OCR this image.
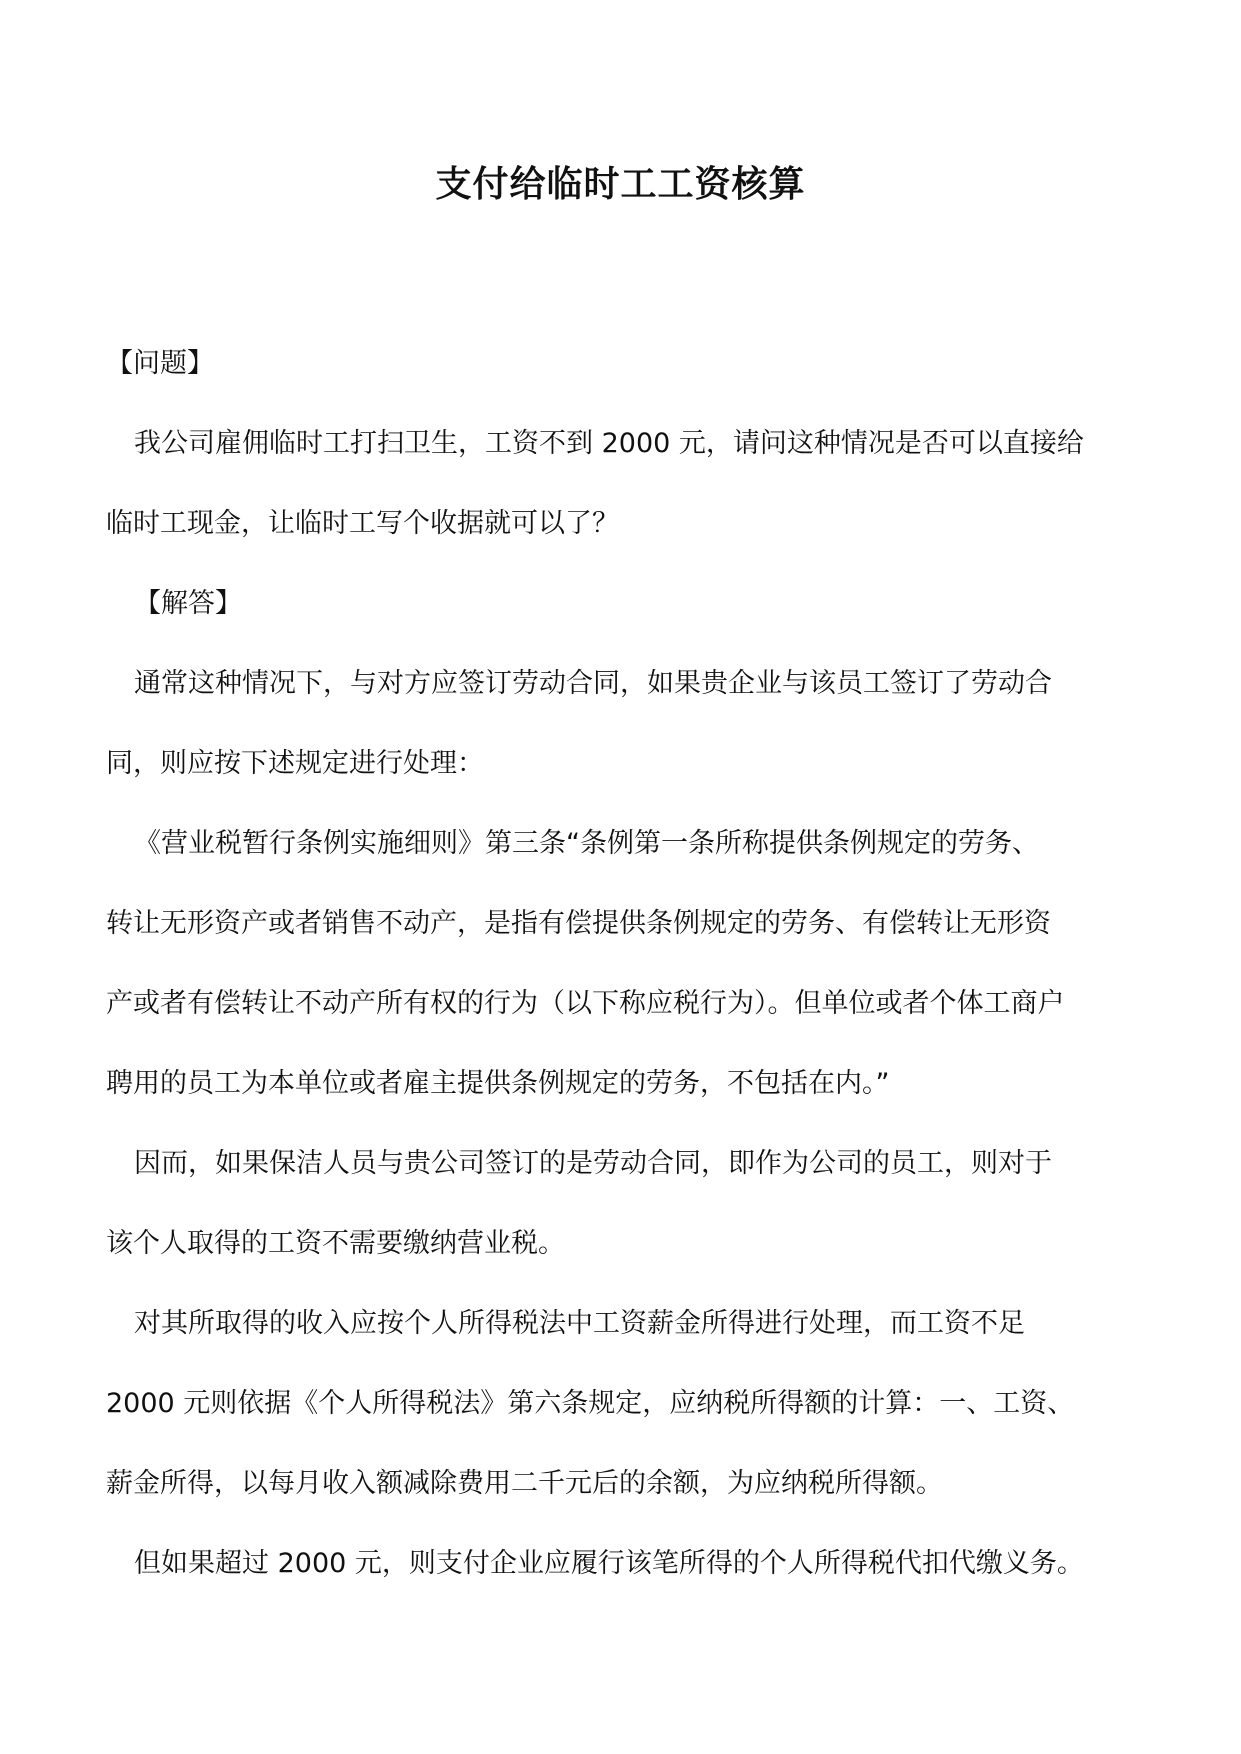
支付给临时工工资核算
【问题】
我公司雇佣临时工打扫卫生，工资不到 2000 元，请问这种情况是否可以直接给
临时工现金，让临时工写个收据就可以了？
【解答】
通常这种情况下，与对方应签订劳动合同，如果贵企业与该员工签订了劳动合
同，则应按下述规定进行处理：
《营业税暂行条例实施细则》第三条“条例第一条所称提供条例规定的劳务、
转让无形资产或者销售不动产，是指有偿提供条例规定的劳务、有偿转让无形资
产或者有偿转让不动产所有权的行为（以下称应税行为）。但单位或者个体工商户
聘用的员工为本单位或者雇主提供条例规定的劳务，不包括在内。”
因而，如果保洁人员与贵公司签订的是劳动合同，即作为公司的员工，则对于
该个人取得的工资不需要缴纳营业税。
对其所取得的收入应按个人所得税法中工资薪金所得进行处理，而工资不足
2000 元则依据《个人所得税法》第六条规定，应纳税所得额的计算：一、工资、
薪金所得，以每月收入额减除费用二千元后的余额，为应纳税所得额。
但如果超过 2000 元，则支付企业应履行该笔所得的个人所得税代扣代缴义务。
